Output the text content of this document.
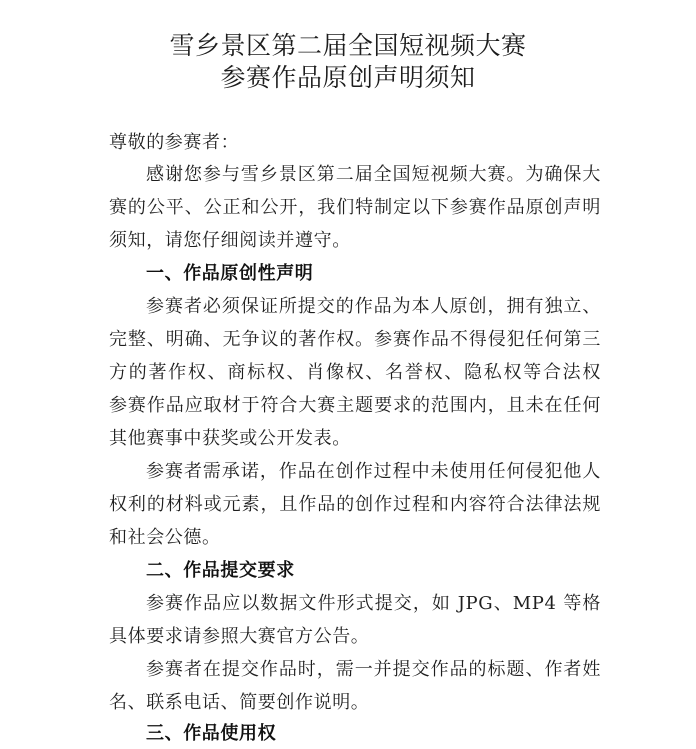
雪乡景区第二届全国短视频大赛
参赛作品原创声明须知
尊敬的参赛者：
感谢您参与雪乡景区第二届全国短视频大赛。为确保大
赛的公平、公正和公开，我们特制定以下参赛作品原创声明
须知，请您仔细阅读并遵守。
一、作品原创性声明
参赛者必须保证所提交的作品为本人原创，拥有独立、
完整、明确、无争议的著作权。参赛作品不得侵犯任何第三
方的著作权、商标权、肖像权、名誉权、隐私权等合法权
参赛作品应取材于符合大赛主题要求的范围内，且未在任何
其他赛事中获奖或公开发表。
参赛者需承诺，作品在创作过程中未使用任何侵犯他人
权利的材料或元素，且作品的创作过程和内容符合法律法规
和社会公德。
二、作品提交要求
参赛作品应以数据文件形式提交，如 JPG、MP4 等格
具体要求请参照大赛官方公告。
参赛者在提交作品时，需一并提交作品的标题、作者姓
名、联系电话、简要创作说明。
三、作品使用权
